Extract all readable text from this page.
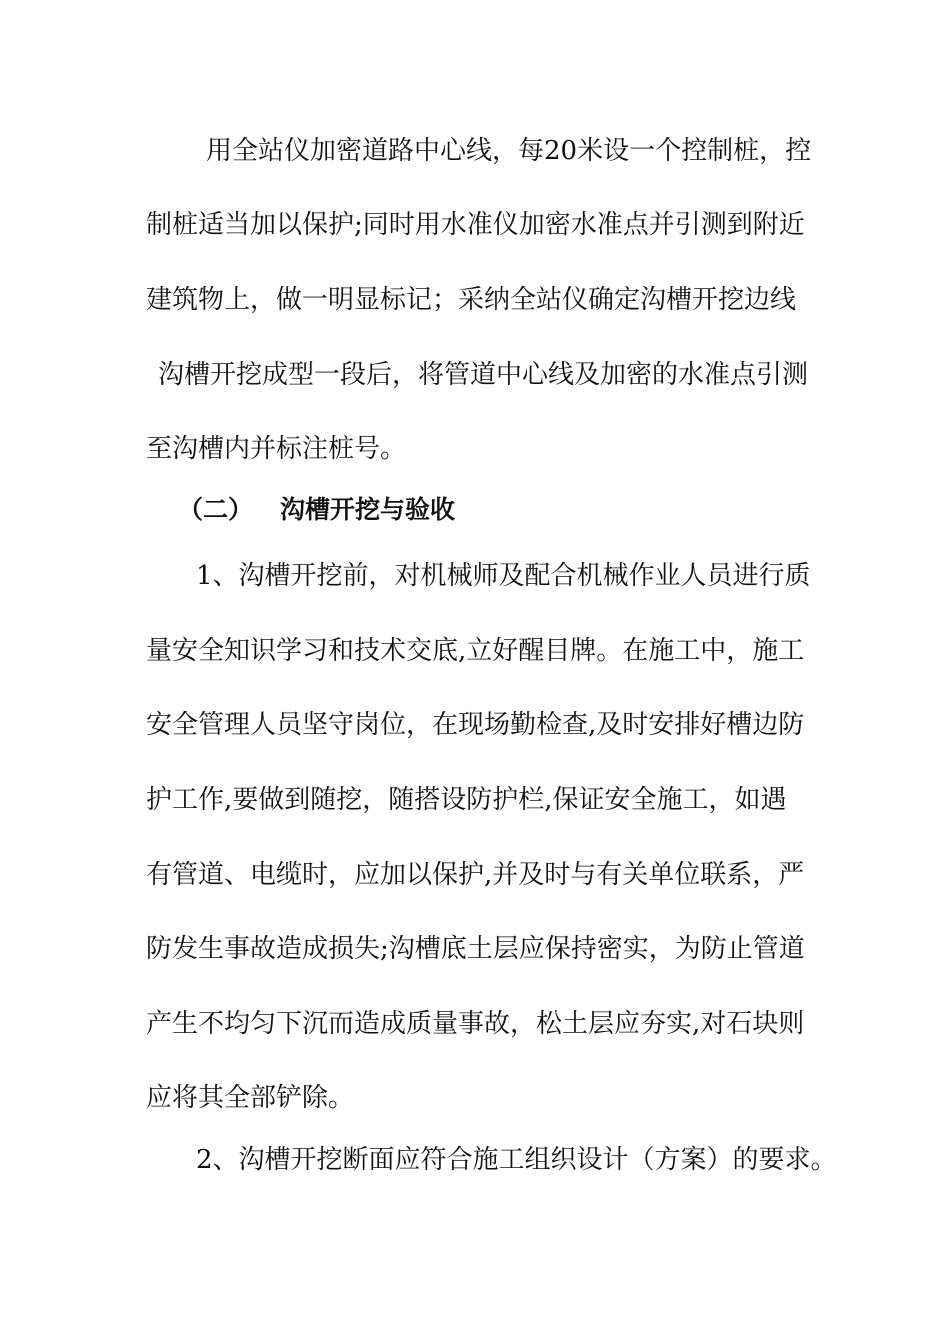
用全站仪加密道路中心线，每20米设一个控制桩，控
制桩适当加以保护;同时用水准仪加密水准点并引测到附近
建筑物上，做一明显标记；采纳全站仪确定沟槽开挖边线
沟槽开挖成型一段后，将管道中心线及加密的水准点引测
至沟槽内并标注桩号。
（二） 沟槽开挖与验收
1、沟槽开挖前，对机械师及配合机械作业人员进行质
量安全知识学习和技术交底,立好醒目牌。在施工中，施工
安全管理人员坚守岗位，在现场勤检查,及时安排好槽边防
护工作,要做到随挖，随搭设防护栏,保证安全施工，如遇
有管道、电缆时，应加以保护,并及时与有关单位联系，严
防发生事故造成损失;沟槽底土层应保持密实，为防止管道
产生不均匀下沉而造成质量事故，松土层应夯实,对石块则
应将其全部铲除。
2、沟槽开挖断面应符合施工组织设计（方案）的要求。
